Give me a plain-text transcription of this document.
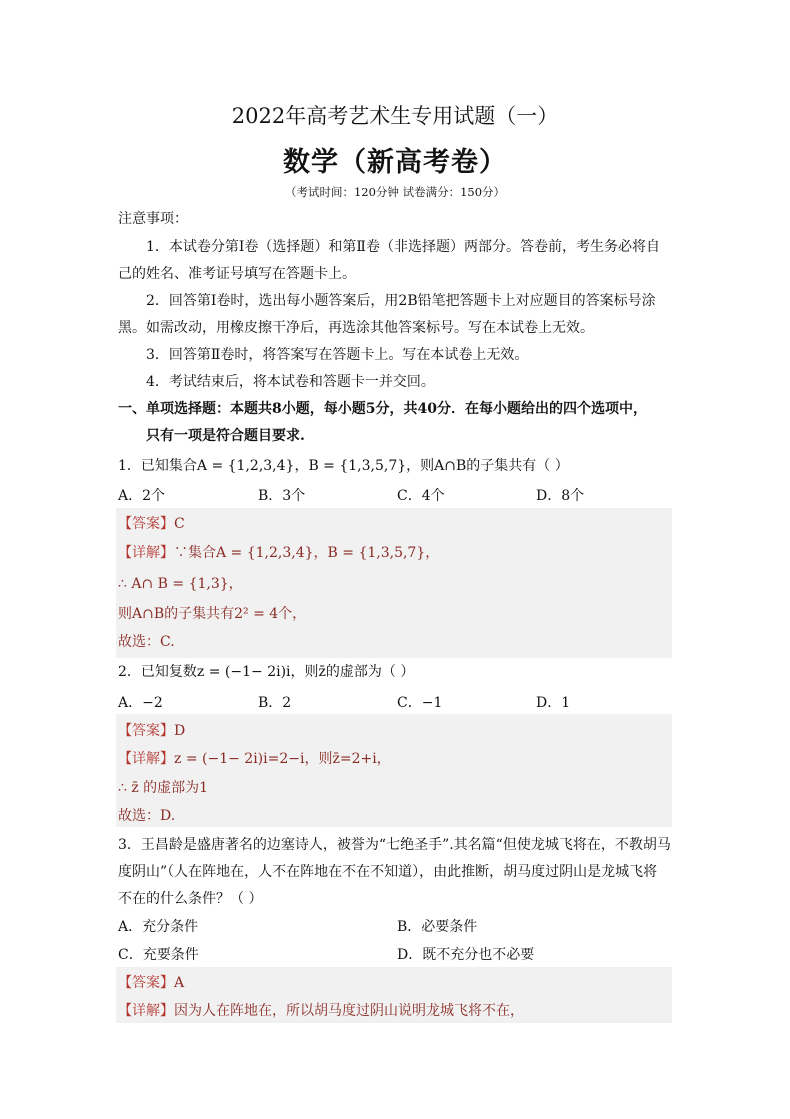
2022年高考艺术生专用试题（一）
数学（新高考卷）
（考试时间：120分钟 试卷满分：150分）
注意事项：
1．本试卷分第Ⅰ卷（选择题）和第Ⅱ卷（非选择题）两部分。答卷前，考生务必将自
己的姓名、准考证号填写在答题卡上。
2．回答第Ⅰ卷时，选出每小题答案后，用2B铅笔把答题卡上对应题目的答案标号涂
黑。如需改动，用橡皮擦干净后，再选涂其他答案标号。写在本试卷上无效。
3．回答第Ⅱ卷时，将答案写在答题卡上。写在本试卷上无效。
4．考试结束后，将本试卷和答题卡一并交回。
一、单项选择题：本题共8小题，每小题5分，共40分．在每小题给出的四个选项中，
只有一项是符合题目要求.
1．已知集合A = {1,2,3,4}，B = {1,3,5,7}，则A∩B的子集共有（ ）
A．2个	B．3个	C．4个	D．8个
【答案】C
【详解】∵集合A = {1,2,3,4}，B = {1,3,5,7}，
∴ A∩ B = {1,3}，
则A∩B的子集共有2² = 4个，
故选：C.
2．已知复数z = (−1− 2i)i，则z̄的虚部为（ ）
A．−2	B．2	C．−1	D．1
【答案】D
【详解】z = (−1− 2i)i=2−i，则z̄=2+i，
∴ z̄ 的虚部为1
故选：D.
3．王昌龄是盛唐著名的边塞诗人，被誉为“七绝圣手”.其名篇“但使龙城飞将在，不教胡马
度阴山”（人在阵地在，人不在阵地在不在不知道），由此推断，胡马度过阴山是龙城飞将
不在的什么条件？（ ）
A．充分条件	B．必要条件
C．充要条件	D．既不充分也不必要
【答案】A
【详解】因为人在阵地在，所以胡马度过阴山说明龙城飞将不在，
